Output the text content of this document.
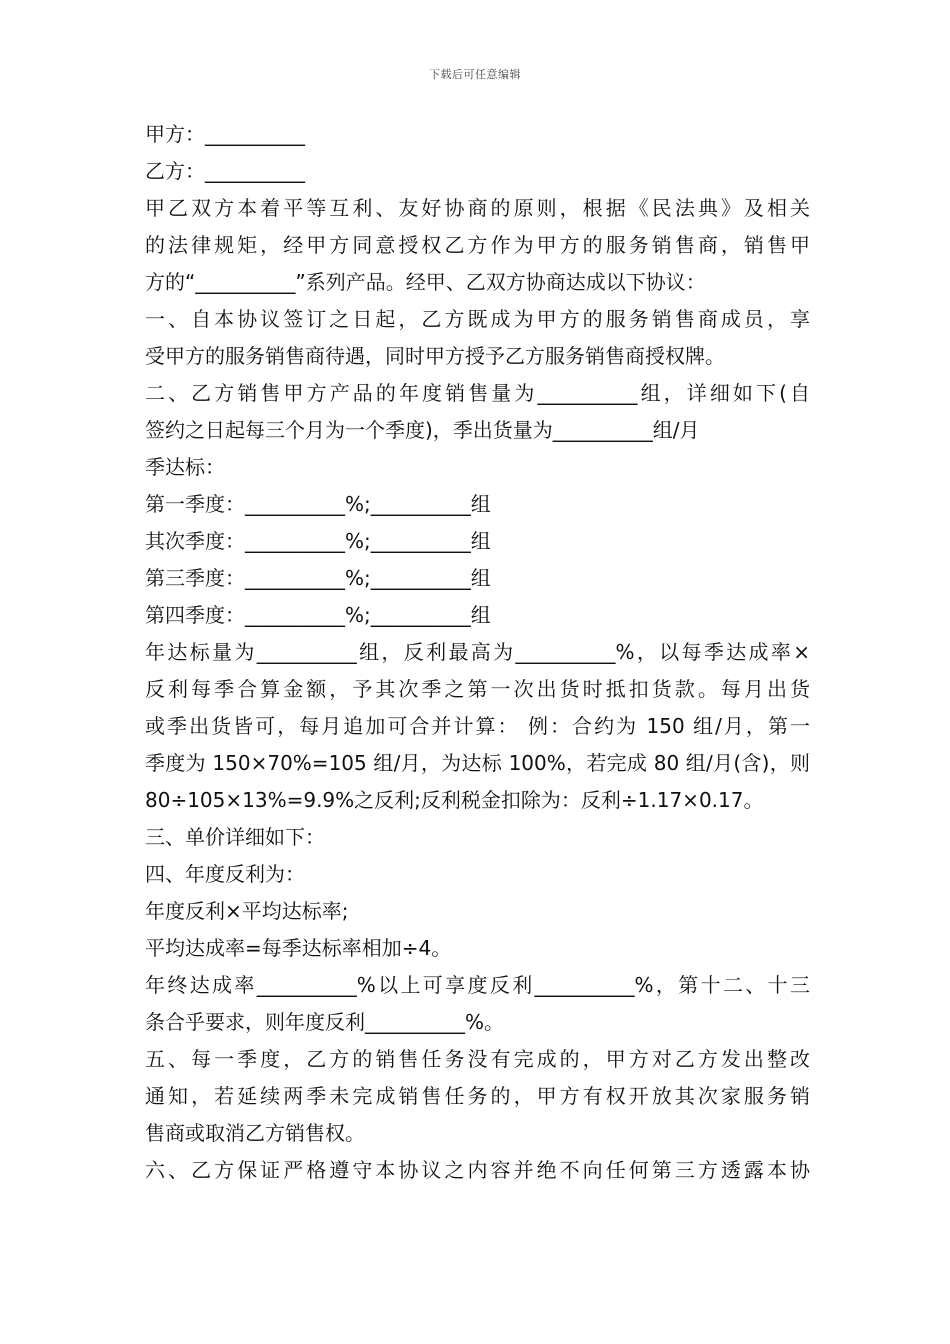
下载后可任意编辑
甲方：__________
乙方：__________
甲乙双方本着平等互利、友好协商的原则，根据《民法典》及相关
的法律规矩，经甲方同意授权乙方作为甲方的服务销售商，销售甲
方的“__________”系列产品。经甲、乙双方协商达成以下协议：
一、自本协议签订之日起，乙方既成为甲方的服务销售商成员，享
受甲方的服务销售商待遇，同时甲方授予乙方服务销售商授权牌。
二、乙方销售甲方产品的年度销售量为__________组，详细如下(自
签约之日起每三个月为一个季度)，季出货量为__________组/月
季达标：
第一季度：__________%;__________组
其次季度：__________%;__________组
第三季度：__________%;__________组
第四季度：__________%;__________组
年达标量为__________组，反利最高为__________%，以每季达成率×
反利每季合算金额，予其次季之第一次出货时抵扣货款。每月出货
或季出货皆可，每月追加可合并计算： 例：合约为 150 组/月，第一
季度为 150×70%=105 组/月，为达标 100%，若完成 80 组/月(含)，则
80÷105×13%=9.9%之反利;反利税金扣除为：反利÷1.17×0.17。
三、单价详细如下：
四、年度反利为：
年度反利×平均达标率;
平均达成率=每季达标率相加÷4。
年终达成率__________%以上可享度反利__________%，第十二、十三
条合乎要求，则年度反利__________%。
五、每一季度，乙方的销售任务没有完成的，甲方对乙方发出整改
通知，若延续两季未完成销售任务的，甲方有权开放其次家服务销
售商或取消乙方销售权。
六、乙方保证严格遵守本协议之内容并绝不向任何第三方透露本协
